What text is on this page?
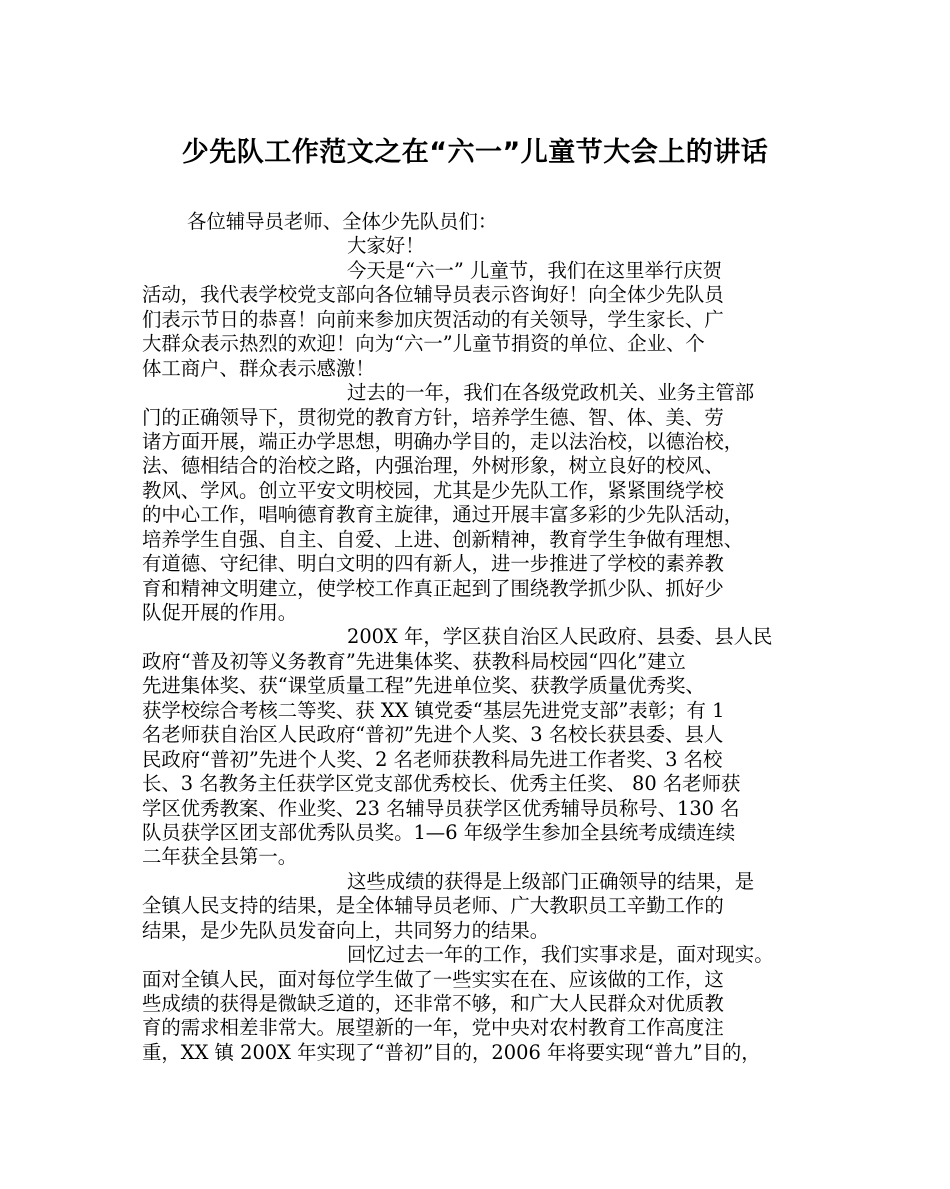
少先队工作范文之在“六一”儿童节大会上的讲话
各位辅导员老师、全体少先队员们：
大家好！
今天是“六一” 儿童节，我们在这里举行庆贺
活动，我代表学校党支部向各位辅导员表示咨询好！向全体少先队员
们表示节日的恭喜！向前来参加庆贺活动的有关领导，学生家长、广
大群众表示热烈的欢迎！向为“六一”儿童节捐资的单位、企业、个
体工商户、群众表示感激！
过去的一年，我们在各级党政机关、业务主管部
门的正确领导下，贯彻党的教育方针，培养学生德、智、体、美、劳
诸方面开展，端正办学思想，明确办学目的，走以法治校，以德治校，
法、德相结合的治校之路，内强治理，外树形象，树立良好的校风、
教风、学风。创立平安文明校园，尤其是少先队工作，紧紧围绕学校
的中心工作，唱响德育教育主旋律，通过开展丰富多彩的少先队活动，
培养学生自强、自主、自爱、上进、创新精神，教育学生争做有理想、
有道德、守纪律、明白文明的四有新人，进一步推进了学校的素养教
育和精神文明建立，使学校工作真正起到了围绕教学抓少队、抓好少
队促开展的作用。
200X 年，学区获自治区人民政府、县委、县人民
政府“普及初等义务教育”先进集体奖、获教科局校园“四化”建立
先进集体奖、获“课堂质量工程”先进单位奖、获教学质量优秀奖、
获学校综合考核二等奖、获 XX 镇党委“基层先进党支部”表彰；有 1
名老师获自治区人民政府“普初”先进个人奖、3 名校长获县委、县人
民政府“普初”先进个人奖、2 名老师获教科局先进工作者奖、3 名校
长、3 名教务主任获学区党支部优秀校长、优秀主任奖、 80 名老师获
学区优秀教案、作业奖、23 名辅导员获学区优秀辅导员称号、130 名
队员获学区团支部优秀队员奖。1—6 年级学生参加全县统考成绩连续
二年获全县第一。
这些成绩的获得是上级部门正确领导的结果，是
全镇人民支持的结果，是全体辅导员老师、广大教职员工辛勤工作的
结果，是少先队员发奋向上，共同努力的结果。
回忆过去一年的工作，我们实事求是，面对现实。
面对全镇人民，面对每位学生做了一些实实在在、应该做的工作，这
些成绩的获得是微缺乏道的，还非常不够，和广大人民群众对优质教
育的需求相差非常大。展望新的一年，党中央对农村教育工作高度注
重，XX 镇 200X 年实现了“普初”目的，2006 年将要实现“普九”目的，
